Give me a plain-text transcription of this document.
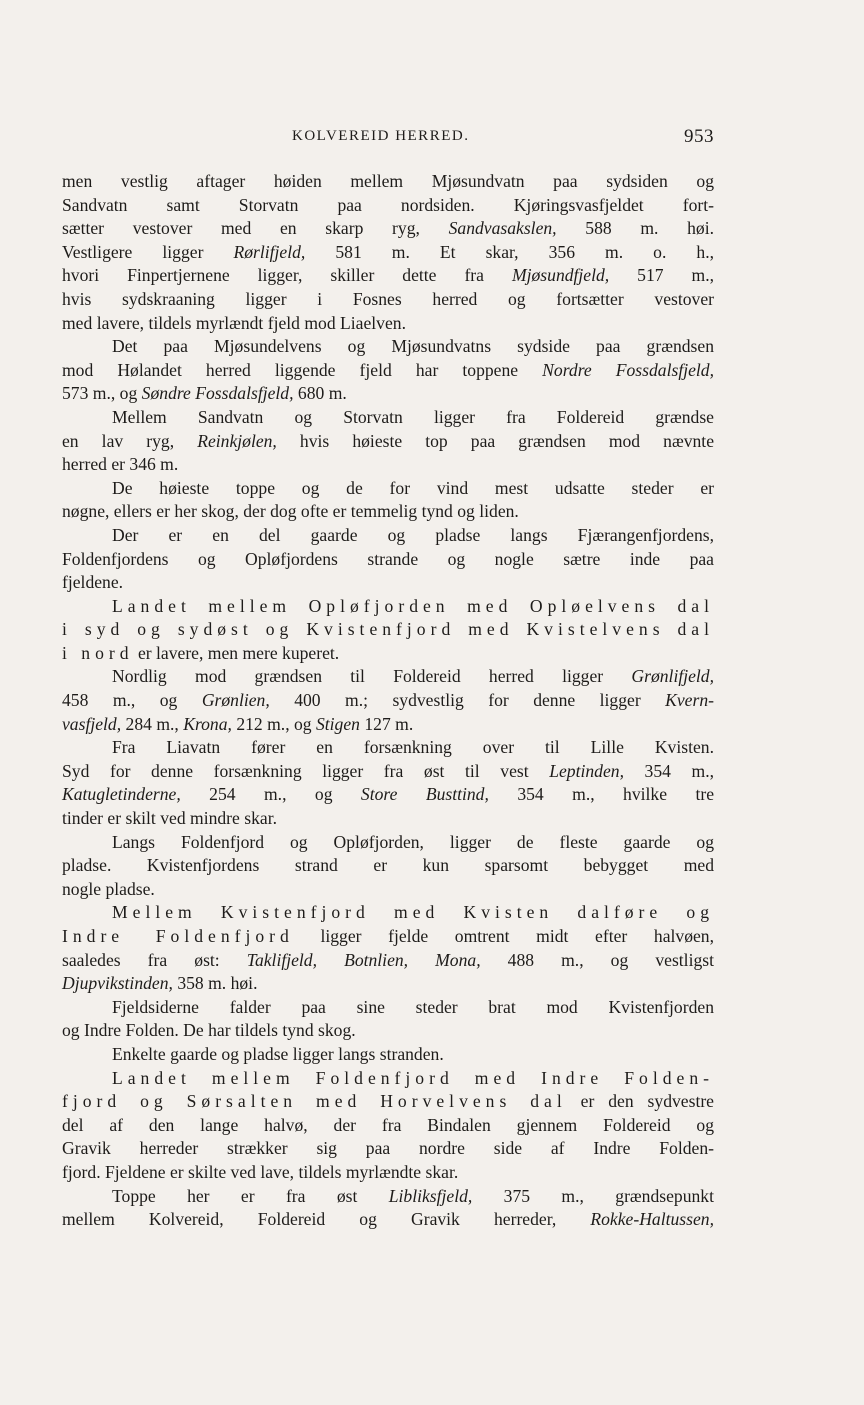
KOLVEREID HERRED.	953
men vestlig aftager høiden mellem Mjøsundvatn paa sydsiden og
Sandvatn samt Storvatn paa nordsiden. Kjøringsvasfjeldet fort-
sætter vestover med en skarp ryg, Sandvasakslen, 588 m. høi.
Vestligere ligger Rørlifjeld, 581 m. Et skar, 356 m. o. h.,
hvori Finpertjernene ligger, skiller dette fra Mjøsundfjeld, 517 m.,
hvis sydskraaning ligger i Fosnes herred og fortsætter vestover
med lavere, tildels myrlændt fjeld mod Liaelven.
Det paa Mjøsundelvens og Mjøsundvatns sydside paa grændsen
mod Hølandet herred liggende fjeld har toppene Nordre Fossdalsfjeld,
573 m., og Søndre Fossdalsfjeld, 680 m.
Mellem Sandvatn og Storvatn ligger fra Foldereid grændse
en lav ryg, Reinkjølen, hvis høieste top paa grændsen mod nævnte
herred er 346 m.
De høieste toppe og de for vind mest udsatte steder er
nøgne, ellers er her skog, der dog ofte er temmelig tynd og liden.
Der er en del gaarde og pladse langs Fjærangenfjordens,
Foldenfjordens og Opløfjordens strande og nogle sætre inde paa
fjeldene.
Landet mellem Opløfjorden med Opløelvens dal
i syd og sydøst og Kvistenfjord med Kvistelvens dal
i nord er lavere, men mere kuperet.
Nordlig mod grændsen til Foldereid herred ligger Grønlifjeld,
458 m., og Grønlien, 400 m.; sydvestlig for denne ligger Kvern-
vasfjeld, 284 m., Krona, 212 m., og Stigen 127 m.
Fra Liavatn fører en forsænkning over til Lille Kvisten.
Syd for denne forsænkning ligger fra øst til vest Leptinden, 354 m.,
Katugletinderne, 254 m., og Store Busttind, 354 m., hvilke tre
tinder er skilt ved mindre skar.
Langs Foldenfjord og Opløfjorden, ligger de fleste gaarde og
pladse. Kvistenfjordens strand er kun sparsomt bebygget med
nogle pladse.
Mellem Kvistenfjord med Kvisten dalføre og
Indre Foldenfjord ligger fjelde omtrent midt efter halvøen,
saaledes fra øst: Taklifjeld, Botnlien, Mona, 488 m., og vestligst
Djupvikstinden, 358 m. høi.
Fjeldsiderne falder paa sine steder brat mod Kvistenfjorden
og Indre Folden. De har tildels tynd skog.
Enkelte gaarde og pladse ligger langs stranden.
Landet mellem Foldenfjord med Indre Folden-
fjord og Sørsalten med Horvelvens dal er den sydvestre
del af den lange halvø, der fra Bindalen gjennem Foldereid og
Gravik herreder strækker sig paa nordre side af Indre Folden-
fjord. Fjeldene er skilte ved lave, tildels myrlændte skar.
Toppe her er fra øst Libliksfjeld, 375 m., grændsepunkt
mellem Kolvereid, Foldereid og Gravik herreder, Rokke-Haltussen,
